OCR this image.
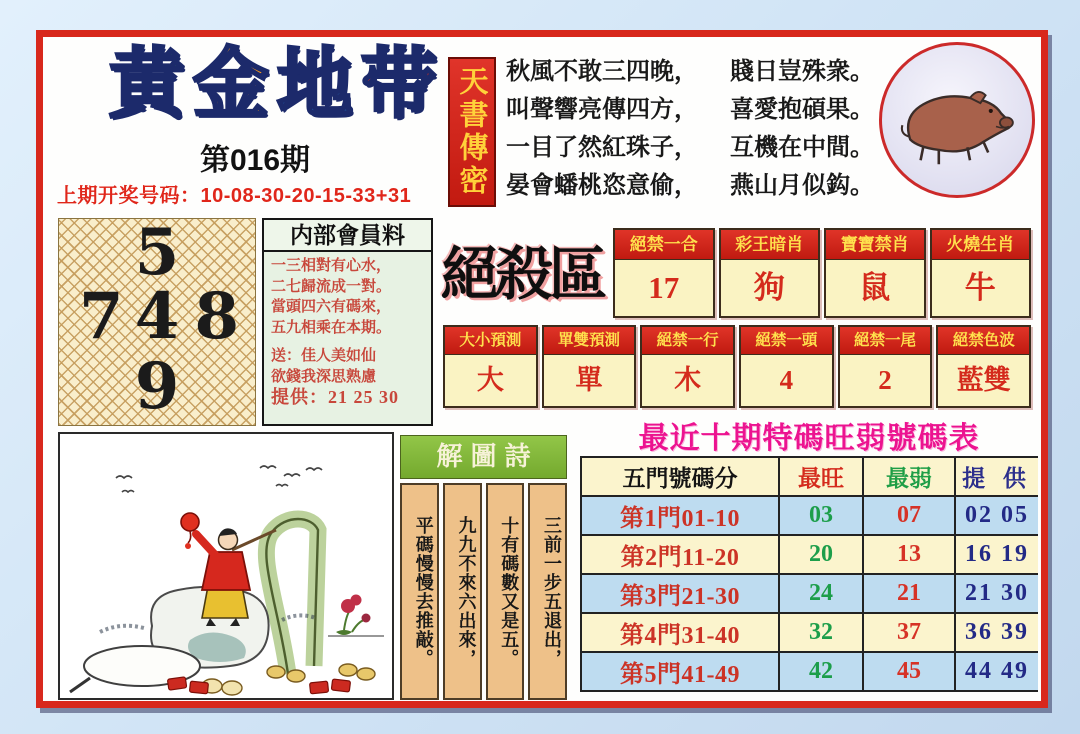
黄 金 地 带
第016期
上期开奖号码：10-08-30-20-15-33+31	天書傳密 秋風不敢三四晚，	賤日豈殊衆。
叫聲響亮傳四方，	喜愛抱碩果。
一目了然紅珠子，	互機在中間。
晏會蟠桃恣意偷，	燕山月似鈎。
5
7 4 8
9
内部會員料
一三相對有心水，
二七歸流成一對。
當頭四六有碼來，
五九相乘在本期。
送：佳人美如仙
欲錢我深思熟慮
提供：21 25 30
絕殺區	絕禁一合
17
彩王暗肖
狗
寶寶禁肖
鼠
火燒生肖
牛
大小預測
大
單雙預測
單
絕禁一行
木
絕禁一頭
4
絕禁一尾
2
絕禁色波
藍雙
解圖詩
三前一步五退出，
十有碼數又是五。
九九不來六出來，
平碼慢慢去推敲。
最近十期特碼旺弱號碼表
五門號碼分	最旺	最弱	提 供
第1門01-10	03	07	02 05
第2門11-20	20	13	16 19
第3門21-30	24	21	21 30
第4門31-40	32	37	36 39
第5門41-49	42	45	44 49
